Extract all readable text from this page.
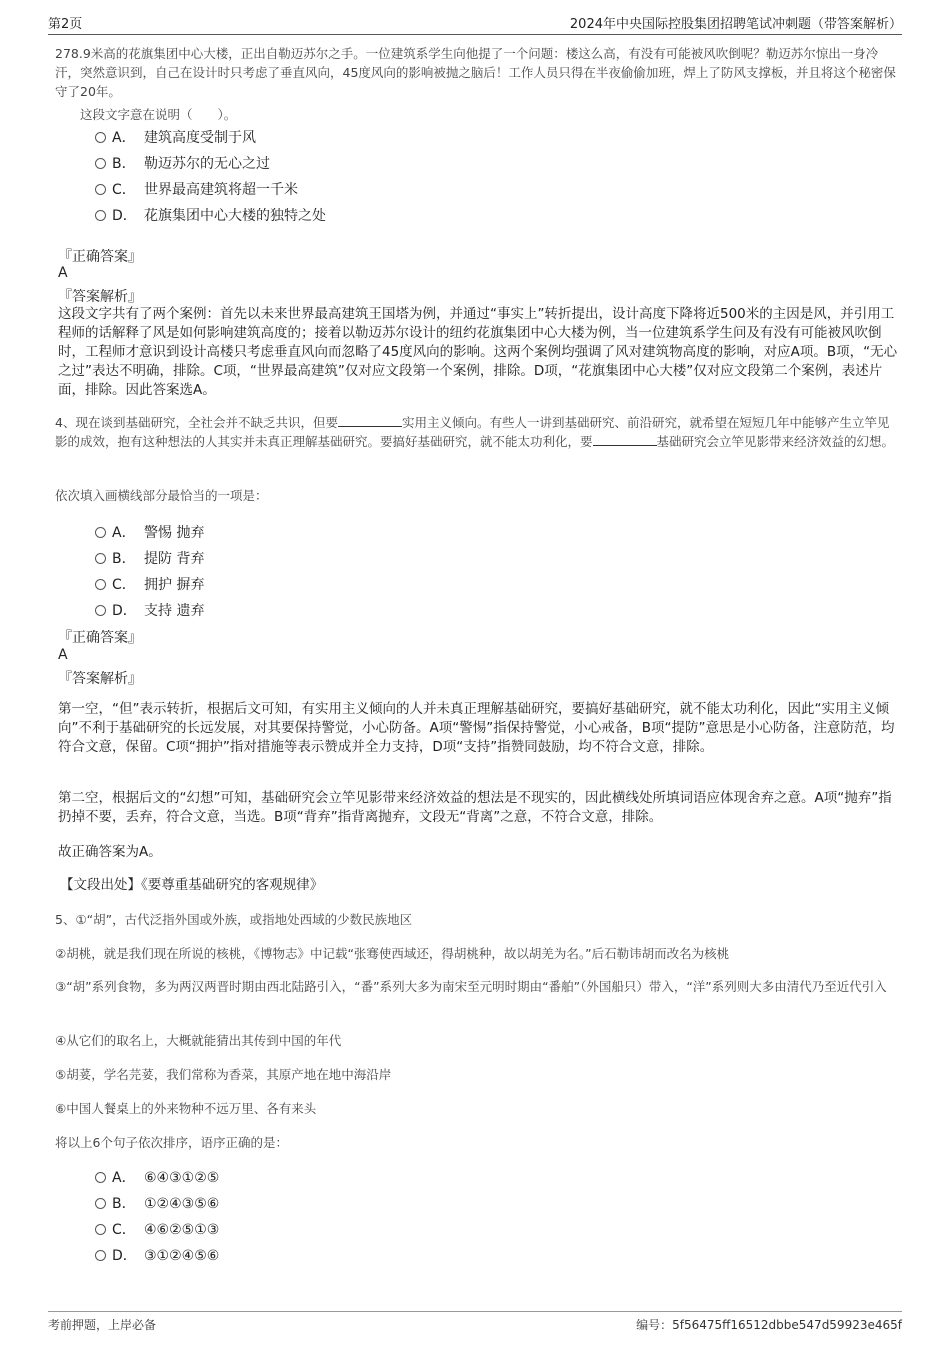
第2页	2024年中央国际控股集团招聘笔试冲刺题（带答案解析）
278.9米高的花旗集团中心大楼，正出自勒迈苏尔之手。一位建筑系学生向他提了一个问题：楼这么高，有没有可能被风吹倒呢？勒迈苏尔惊出一身冷汗，突然意识到，自己在设计时只考虑了垂直风向，45度风向的影响被抛之脑后！工作人员只得在半夜偷偷加班，焊上了防风支撑板，并且将这个秘密保守了20年。
这段文字意在说明（　　）。
A． 建筑高度受制于风
B． 勒迈苏尔的无心之过
C． 世界最高建筑将超一千米
D． 花旗集团中心大楼的独特之处
『正确答案』
A
『答案解析』
这段文字共有了两个案例：首先以未来世界最高建筑王国塔为例，并通过“事实上”转折提出，设计高度下降将近500米的主因是风，并引用工程师的话解释了风是如何影响建筑高度的；接着以勒迈苏尔设计的纽约花旗集团中心大楼为例，当一位建筑系学生问及有没有可能被风吹倒时，工程师才意识到设计高楼只考虑垂直风向而忽略了45度风向的影响。这两个案例均强调了风对建筑物高度的影响，对应A项。B项，“无心之过”表达不明确，排除。C项，“世界最高建筑”仅对应文段第一个案例，排除。D项，“花旗集团中心大楼”仅对应文段第二个案例，表述片面，排除。因此答案选A。
4、现在谈到基础研究，全社会并不缺乏共识，但要	实用主义倾向。有些人一讲到基础研究、前沿研究，就希望在短短几年中能够产生立竿见影的成效，抱有这种想法的人其实并未真正理解基础研究。要搞好基础研究，就不能太功利化，要	基础研究会立竿见影带来经济效益的幻想。
依次填入画横线部分最恰当的一项是：
A． 警惕 抛弃
B． 提防 背弃
C． 拥护 摒弃
D． 支持 遗弃
『正确答案』
A
『答案解析』
第一空，“但”表示转折，根据后文可知，有实用主义倾向的人并未真正理解基础研究，要搞好基础研究，就不能太功利化，因此“实用主义倾向”不利于基础研究的长远发展，对其要保持警觉，小心防备。A项“警惕”指保持警觉，小心戒备，B项“提防”意思是小心防备，注意防范，均符合文意，保留。C项“拥护”指对措施等表示赞成并全力支持，D项“支持”指赞同鼓励，均不符合文意，排除。
第二空，根据后文的“幻想”可知，基础研究会立竿见影带来经济效益的想法是不现实的，因此横线处所填词语应体现舍弃之意。A项“抛弃”指扔掉不要，丢弃，符合文意，当选。B项“背弃”指背离抛弃，文段无“背离”之意，不符合文意，排除。
故正确答案为A。
【文段出处】《要尊重基础研究的客观规律》
5、①“胡”，古代泛指外国或外族，或指地处西域的少数民族地区
②胡桃，就是我们现在所说的核桃，《博物志》中记载“张骞使西域还，得胡桃种，故以胡羌为名。”后石勒讳胡而改名为核桃
③“胡”系列食物，多为两汉两晋时期由西北陆路引入，“番”系列大多为南宋至元明时期由“番舶”（外国船只）带入，“洋”系列则大多由清代乃至近代引入
④从它们的取名上，大概就能猜出其传到中国的年代
⑤胡荽，学名芫荽，我们常称为香菜，其原产地在地中海沿岸
⑥中国人餐桌上的外来物种不远万里、各有来头
将以上6个句子依次排序，语序正确的是：
A． ⑥④③①②⑤
B． ①②④③⑤⑥
C． ④⑥②⑤①③
D． ③①②④⑤⑥
考前押题，上岸必备	编号：5f56475ff16512dbbe547d59923e465f
